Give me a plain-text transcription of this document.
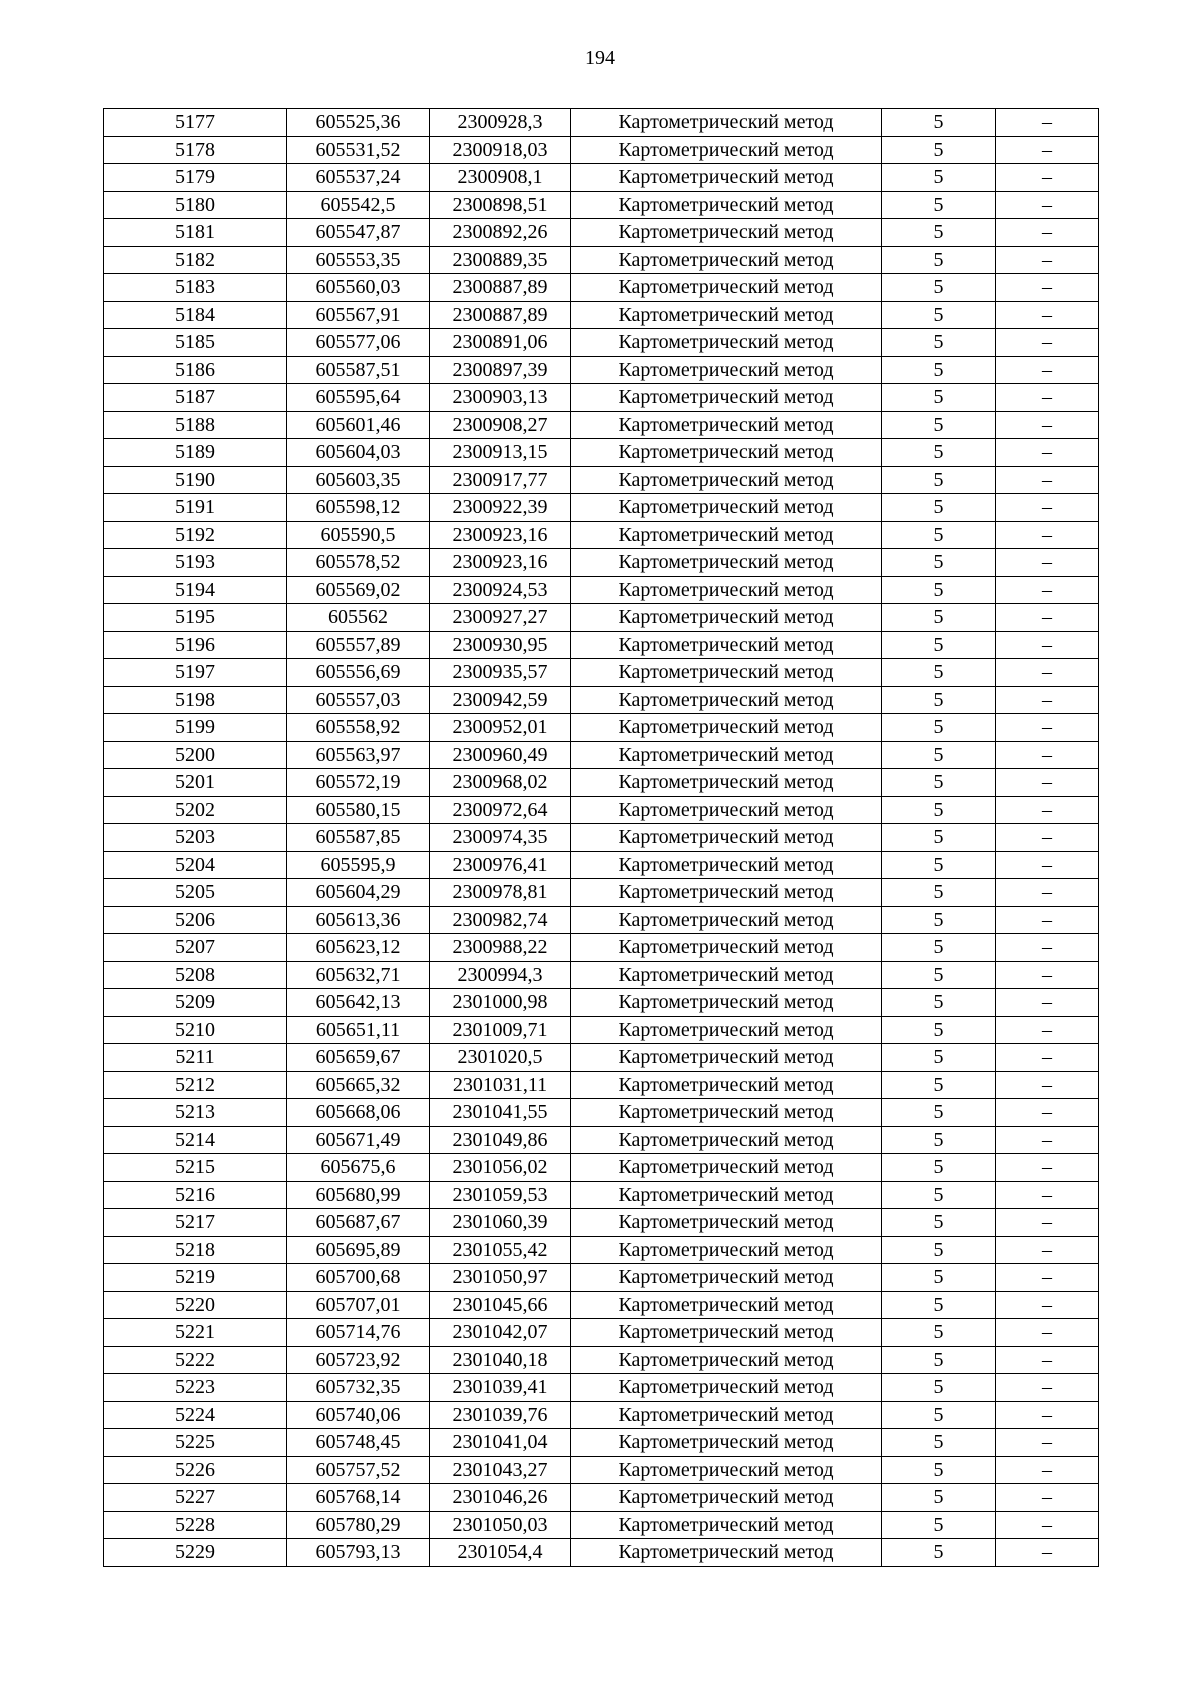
194
5177	605525,36	2300928,3	Картометрический метод	5	–
5178	605531,52	2300918,03	Картометрический метод	5	–
5179	605537,24	2300908,1	Картометрический метод	5	–
5180	605542,5	2300898,51	Картометрический метод	5	–
5181	605547,87	2300892,26	Картометрический метод	5	–
5182	605553,35	2300889,35	Картометрический метод	5	–
5183	605560,03	2300887,89	Картометрический метод	5	–
5184	605567,91	2300887,89	Картометрический метод	5	–
5185	605577,06	2300891,06	Картометрический метод	5	–
5186	605587,51	2300897,39	Картометрический метод	5	–
5187	605595,64	2300903,13	Картометрический метод	5	–
5188	605601,46	2300908,27	Картометрический метод	5	–
5189	605604,03	2300913,15	Картометрический метод	5	–
5190	605603,35	2300917,77	Картометрический метод	5	–
5191	605598,12	2300922,39	Картометрический метод	5	–
5192	605590,5	2300923,16	Картометрический метод	5	–
5193	605578,52	2300923,16	Картометрический метод	5	–
5194	605569,02	2300924,53	Картометрический метод	5	–
5195	605562	2300927,27	Картометрический метод	5	–
5196	605557,89	2300930,95	Картометрический метод	5	–
5197	605556,69	2300935,57	Картометрический метод	5	–
5198	605557,03	2300942,59	Картометрический метод	5	–
5199	605558,92	2300952,01	Картометрический метод	5	–
5200	605563,97	2300960,49	Картометрический метод	5	–
5201	605572,19	2300968,02	Картометрический метод	5	–
5202	605580,15	2300972,64	Картометрический метод	5	–
5203	605587,85	2300974,35	Картометрический метод	5	–
5204	605595,9	2300976,41	Картометрический метод	5	–
5205	605604,29	2300978,81	Картометрический метод	5	–
5206	605613,36	2300982,74	Картометрический метод	5	–
5207	605623,12	2300988,22	Картометрический метод	5	–
5208	605632,71	2300994,3	Картометрический метод	5	–
5209	605642,13	2301000,98	Картометрический метод	5	–
5210	605651,11	2301009,71	Картометрический метод	5	–
5211	605659,67	2301020,5	Картометрический метод	5	–
5212	605665,32	2301031,11	Картометрический метод	5	–
5213	605668,06	2301041,55	Картометрический метод	5	–
5214	605671,49	2301049,86	Картометрический метод	5	–
5215	605675,6	2301056,02	Картометрический метод	5	–
5216	605680,99	2301059,53	Картометрический метод	5	–
5217	605687,67	2301060,39	Картометрический метод	5	–
5218	605695,89	2301055,42	Картометрический метод	5	–
5219	605700,68	2301050,97	Картометрический метод	5	–
5220	605707,01	2301045,66	Картометрический метод	5	–
5221	605714,76	2301042,07	Картометрический метод	5	–
5222	605723,92	2301040,18	Картометрический метод	5	–
5223	605732,35	2301039,41	Картометрический метод	5	–
5224	605740,06	2301039,76	Картометрический метод	5	–
5225	605748,45	2301041,04	Картометрический метод	5	–
5226	605757,52	2301043,27	Картометрический метод	5	–
5227	605768,14	2301046,26	Картометрический метод	5	–
5228	605780,29	2301050,03	Картометрический метод	5	–
5229	605793,13	2301054,4	Картометрический метод	5	–
